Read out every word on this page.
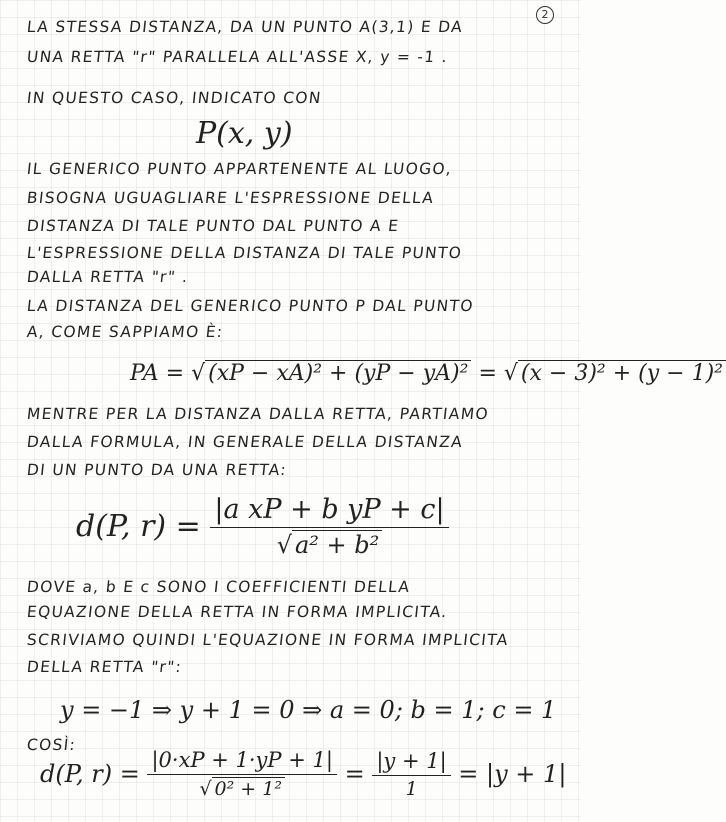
2
LA STESSA DISTANZA, DA UN PUNTO A(3,1) E DA
UNA RETTA "r" PARALLELA ALL'ASSE X, y = -1 .
IN QUESTO CASO, INDICATO CON
P(x, y)
IL GENERICO PUNTO APPARTENENTE AL LUOGO,
BISOGNA UGUAGLIARE L'ESPRESSIONE DELLA
DISTANZA DI TALE PUNTO DAL PUNTO A E
L'ESPRESSIONE DELLA DISTANZA DI TALE PUNTO
DALLA RETTA "r" .
LA DISTANZA DEL GENERICO PUNTO P DAL PUNTO
A, COME SAPPIAMO È:
PA = √ (xP − xA)² + (yP − yA)² = √ (x − 3)² + (y − 1)²
MENTRE PER LA DISTANZA DALLA RETTA, PARTIAMO
DALLA FORMULA, IN GENERALE DELLA DISTANZA
DI UN PUNTO DA UNA RETTA:
d(P, $r) = \frac{\text{|a xP + b yP + c|}}{\text{√ a² + b²}}$
DOVE a, b E c SONO I COEFFICIENTI DELLA
EQUAZIONE DELLA RETTA IN FORMA IMPLICITA.
SCRIVIAMO QUINDI L'EQUAZIONE IN FORMA IMPLICITA
DELLA RETTA "r":
y = −1 ⇒ y + 1 = 0 ⇒ a = 0; b = 1; c = 1
COSÌ:
d(P, $r) = \frac{|0\cdot xP + 1\cdot yP + 1|}{\text{√ 0² + 1²}} = \frac{|y + 1|}{1} = |y + 1|$
